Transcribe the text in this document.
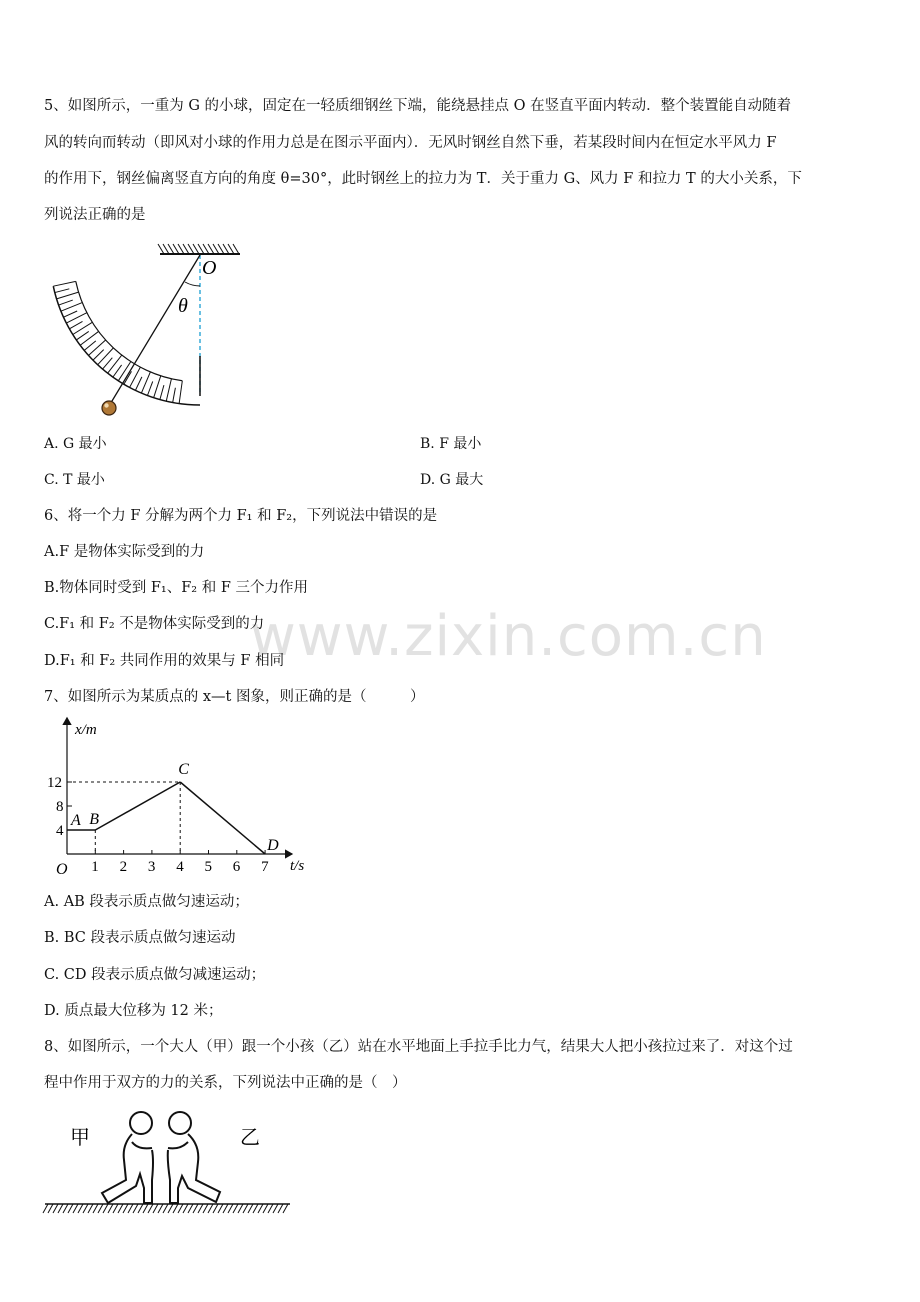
www.zixin.com.cn
5、如图所示，一重为 G 的小球，固定在一轻质细钢丝下端，能绕悬挂点 O 在竖直平面内转动．整个装置能自动随着
风的转向而转动（即风对小球的作用力总是在图示平面内）．无风时钢丝自然下垂，若某段时间内在恒定水平风力 F
的作用下，钢丝偏离竖直方向的角度 θ=30°，此时钢丝上的拉力为 T．关于重力 G、风力 F 和拉力 T 的大小关系，下
列说法正确的是
O
θ
A. G 最小	B. F 最小
C. T 最小	D. G 最大
6、将一个力 F 分解为两个力 F₁ 和 F₂，下列说法中错误的是
A.F 是物体实际受到的力
B.物体同时受到 F₁、F₂ 和 F 三个力作用
C.F₁ 和 F₂ 不是物体实际受到的力
D.F₁ 和 F₂ 共同作用的效果与 F 相同
7、如图所示为某质点的 x—t 图象，则正确的是（　　　）
x/m
t/s
O 1 2 3 4 5 6 7
4
8
12
A B
C
D
A. AB 段表示质点做匀速运动；
B. BC 段表示质点做匀速运动
C. CD 段表示质点做匀减速运动；
D. 质点最大位移为 12 米；
8、如图所示，一个大人（甲）跟一个小孩（乙）站在水平地面上手拉手比力气，结果大人把小孩拉过来了．对这个过
程中作用于双方的力的关系，下列说法中正确的是（　）
甲	乙
